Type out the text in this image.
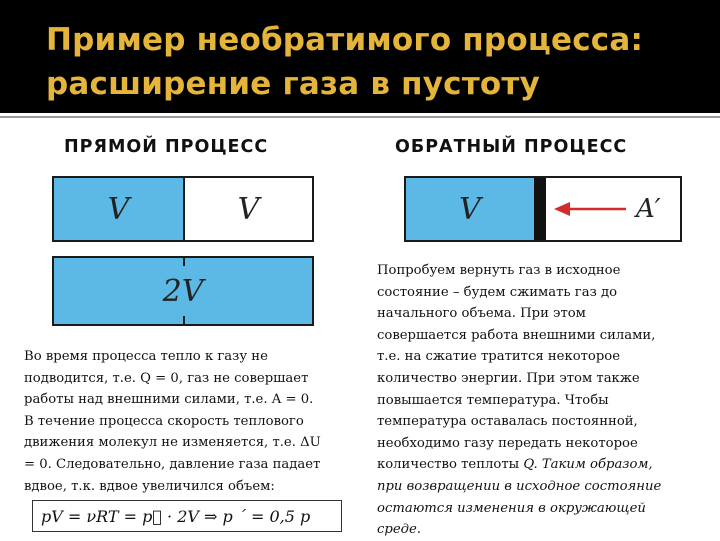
Пример необратимого процесса:
расширение газа в пустоту
ПРЯМОЙ ПРОЦЕСС
V	V
2V

Во время процесса тепло к газу не
подводится, т.е. Q = 0, газ не совершает
работы над внешними силами, т.е. A = 0.
В течение процесса скорость теплового
движения молекул не изменяется, т.е. ΔU
= 0. Следовательно, давление газа падает
вдвое, т.к. вдвое увеличился объем:

pV = νRT = p⃞ · 2V ⇒ p ´ = 0,5 p
ОБРАТНЫЙ ПРОЦЕСС
V	A′

Попробуем вернуть газ в исходное
состояние – будем сжимать газ до
начального объема. При этом
совершается работа внешними силами,
т.е. на сжатие тратится некоторое
количество энергии. При этом также
повышается температура. Чтобы
температура оставалась постоянной,
необходимо газу передать некоторое
количество теплоты Q. Таким образом,
при возвращении в исходное состояние
остаются изменения в окружающей
среде.
